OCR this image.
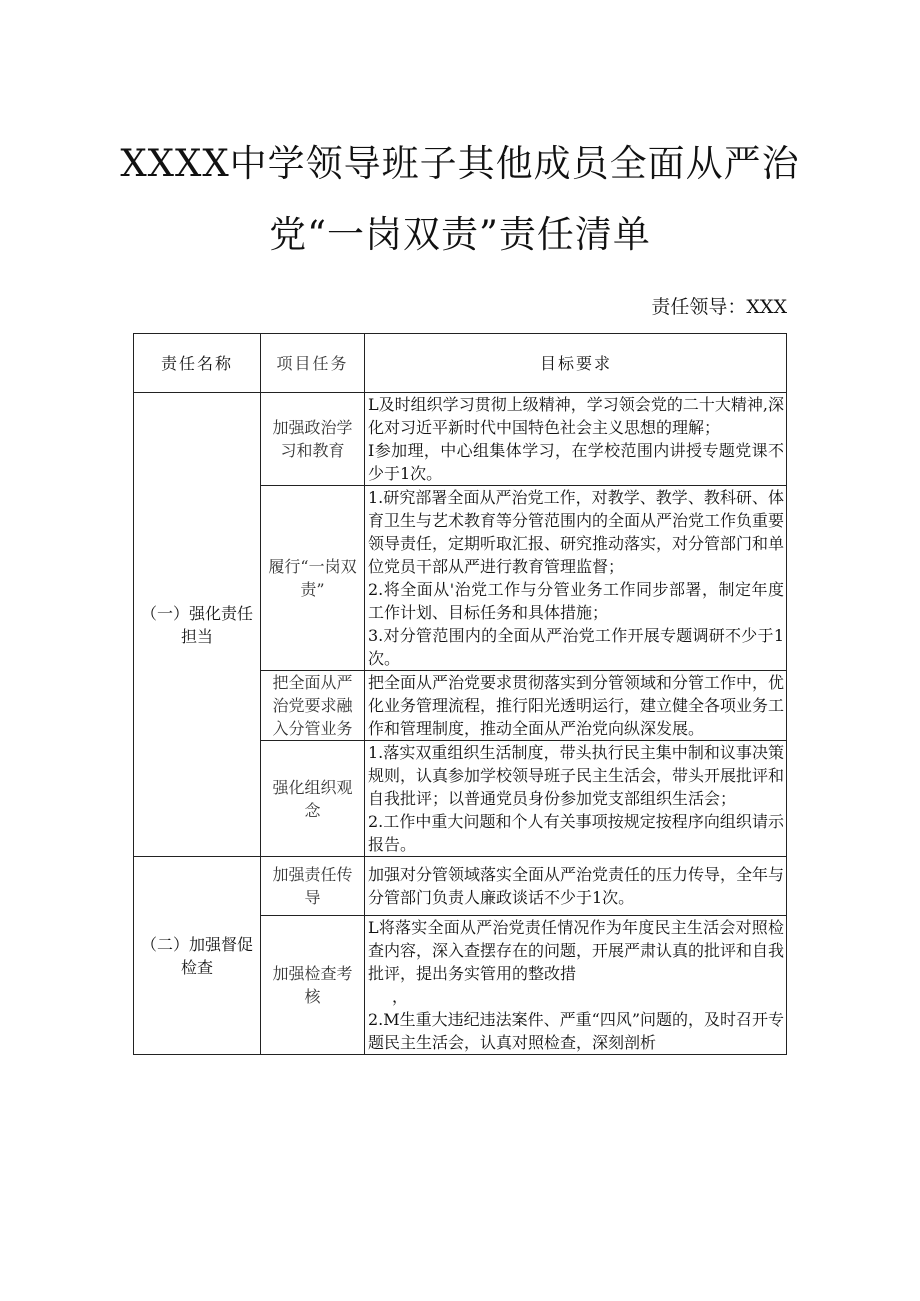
XXXX中学领导班子其他成员全面从严治
党“一岗双责”责任清单
责任领导：XXX
责任名称	项目任务	目标要求
（一）强化责任担当	加强政治学习和教育	L及时组织学习贯彻上级精神，学习领会党的二十大精神,深化对习近平新时代中国特色社会主义思想的理解；
I参加理，中心组集体学习，在学校范围内讲授专题党课不少于1次。

	履行“一岗双责”	1.研究部署全面从严治党工作，对教学、教学、教科研、体育卫生与艺术教育等分管范围内的全面从严治党工作负重要领导责任，定期听取汇报、研究推动落实，对分管部门和单位党员干部从严进行教育管理监督；
2.将全面从'治党工作与分管业务工作同步部署，制定年度工作计划、目标任务和具体措施；
3.对分管范围内的全面从严治党工作开展专题调研不少于1次。

	把全面从严治党要求融入分管业务	把全面从严治党要求贯彻落实到分管领域和分管工作中，优化业务管理流程，推行阳光透明运行，建立健全各项业务工作和管理制度，推动全面从严治党向纵深发展。

	强化组织观念	1.落实双重组织生活制度，带头执行民主集中制和议事决策规则，认真参加学校领导班子民主生活会，带头开展批评和自我批评；以普通党员身份参加党支部组织生活会；
2.工作中重大问题和个人有关事项按规定按程序向组织请示报告。

（二）加强督促检查	加强责任传导	加强对分管领域落实全面从严治党责任的压力传导，全年与分管部门负责人廉政谈话不少于1次。

	加强检查考核	L将落实全面从严治党责任情况作为年度民主生活会对照检查内容，深入查摆存在的问题，开展严肃认真的批评和自我批评，提出务实管用的整改措
，
2.M生重大违纪违法案件、严重“四风”问题的，及时召开专题民主生活会，认真对照检查，深刻剖析
